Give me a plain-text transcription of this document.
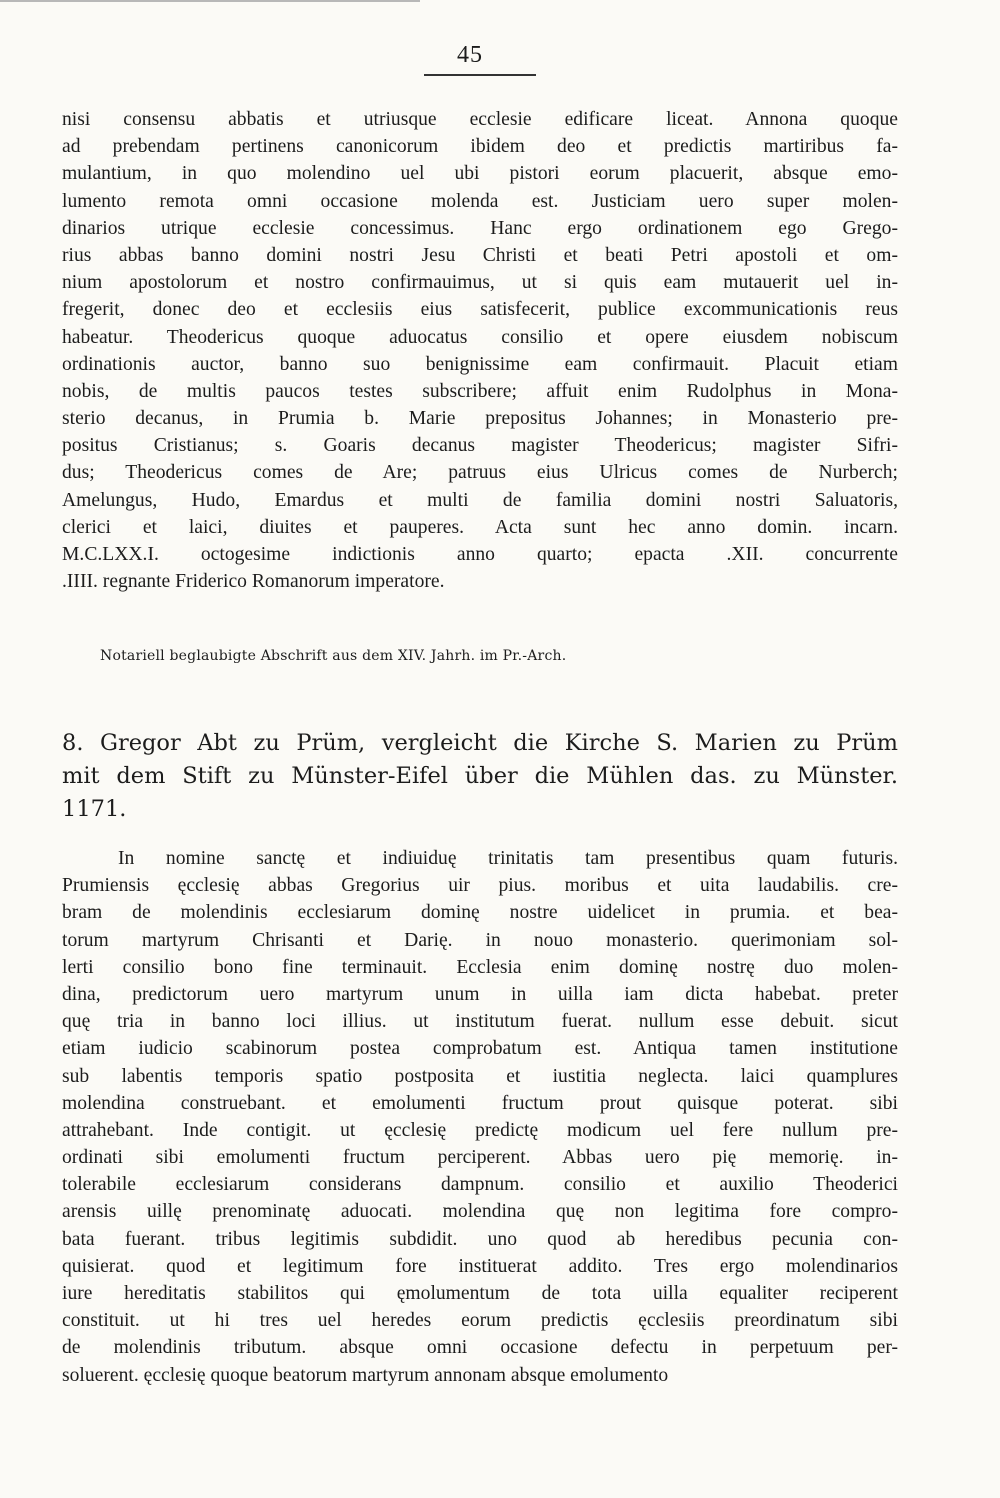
45
nisi consensu abbatis et utriusque ecclesie edificare liceat. Annona quoque
ad prebendam pertinens canonicorum ibidem deo et predictis martiribus fa-
mulantium, in quo molendino uel ubi pistori eorum placuerit, absque emo-
lumento remota omni occasione molenda est. Justiciam uero super molen-
dinarios utrique ecclesie concessimus. Hanc ergo ordinationem ego Grego-
rius abbas banno domini nostri Jesu Christi et beati Petri apostoli et om-
nium apostolorum et nostro confirmauimus, ut si quis eam mutauerit uel in-
fregerit, donec deo et ecclesiis eius satisfecerit, publice excommunicationis reus
habeatur. Theodericus quoque aduocatus consilio et opere eiusdem nobiscum
ordinationis auctor, banno suo benignissime eam confirmauit. Placuit etiam
nobis, de multis paucos testes subscribere; affuit enim Rudolphus in Mona-
sterio decanus, in Prumia b. Marie prepositus Johannes; in Monasterio pre-
positus Cristianus; s. Goaris decanus magister Theodericus; magister Sifri-
dus; Theodericus comes de Are; patruus eius Ulricus comes de Nurberch;
Amelungus, Hudo, Emardus et multi de familia domini nostri Saluatoris,
clerici et laici, diuites et pauperes. Acta sunt hec anno domin. incarn.
M.C.LXX.I. octogesime indictionis anno quarto; epacta .XII. concurrente
.IIII. regnante Friderico Romanorum imperatore.
Notariell beglaubigte Abschrift aus dem XIV. Jahrh. im Pr.-Arch.
8. Gregor Abt zu Prüm, vergleicht die Kirche S. Marien zu Prüm
mit dem Stift zu Münster-Eifel über die Mühlen das. zu Münster.
1171.
In nomine sanctę et indiuiduę trinitatis tam presentibus quam futuris.
Prumiensis ęcclesię abbas Gregorius uir pius. moribus et uita laudabilis. cre-
bram de molendinis ecclesiarum dominę nostre uidelicet in prumia. et bea-
torum martyrum Chrisanti et Darię. in nouo monasterio. querimoniam sol-
lerti consilio bono fine terminauit. Ecclesia enim dominę nostrę duo molen-
dina, predictorum uero martyrum unum in uilla iam dicta habebat. preter
quę tria in banno loci illius. ut institutum fuerat. nullum esse debuit. sicut
etiam iudicio scabinorum postea comprobatum est. Antiqua tamen institutione
sub labentis temporis spatio postposita et iustitia neglecta. laici quamplures
molendina construebant. et emolumenti fructum prout quisque poterat. sibi
attrahebant. Inde contigit. ut ęcclesię predictę modicum uel fere nullum pre-
ordinati sibi emolumenti fructum perciperent. Abbas uero pię memorię. in-
tolerabile ecclesiarum considerans dampnum. consilio et auxilio Theoderici
arensis uillę prenominatę aduocati. molendina quę non legitima fore compro-
bata fuerant. tribus legitimis subdidit. uno quod ab heredibus pecunia con-
quisierat. quod et legitimum fore instituerat addito. Tres ergo molendinarios
iure hereditatis stabilitos qui ęmolumentum de tota uilla equaliter reciperent
constituit. ut hi tres uel heredes eorum predictis ęcclesiis preordinatum sibi
de molendinis tributum. absque omni occasione defectu in perpetuum per-
soluerent. ęcclesię quoque beatorum martyrum annonam absque emolumento
